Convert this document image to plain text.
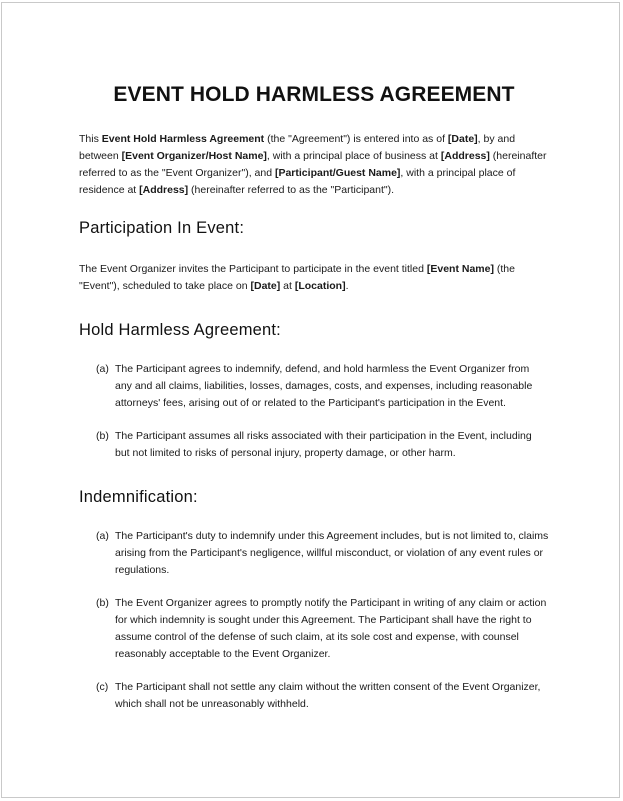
EVENT HOLD HARMLESS AGREEMENT

This Event Hold Harmless Agreement (the "Agreement") is entered into as of [Date], by and between [Event Organizer/Host Name], with a principal place of business at [Address] (hereinafter referred to as the "Event Organizer"), and [Participant/Guest Name], with a principal place of residence at [Address] (hereinafter referred to as the "Participant").

Participation In Event:

The Event Organizer invites the Participant to participate in the event titled [Event Name] (the "Event"), scheduled to take place on [Date] at [Location].

Hold Harmless Agreement:
(a) The Participant agrees to indemnify, defend, and hold harmless the Event Organizer from any and all claims, liabilities, losses, damages, costs, and expenses, including reasonable attorneys' fees, arising out of or related to the Participant's participation in the Event.
(b) The Participant assumes all risks associated with their participation in the Event, including but not limited to risks of personal injury, property damage, or other harm.
Indemnification:
(a) The Participant's duty to indemnify under this Agreement includes, but is not limited to, claims arising from the Participant's negligence, willful misconduct, or violation of any event rules or regulations.
(b) The Event Organizer agrees to promptly notify the Participant in writing of any claim or action for which indemnity is sought under this Agreement. The Participant shall have the right to assume control of the defense of such claim, at its sole cost and expense, with counsel reasonably acceptable to the Event Organizer.
(c) The Participant shall not settle any claim without the written consent of the Event Organizer, which shall not be unreasonably withheld.
